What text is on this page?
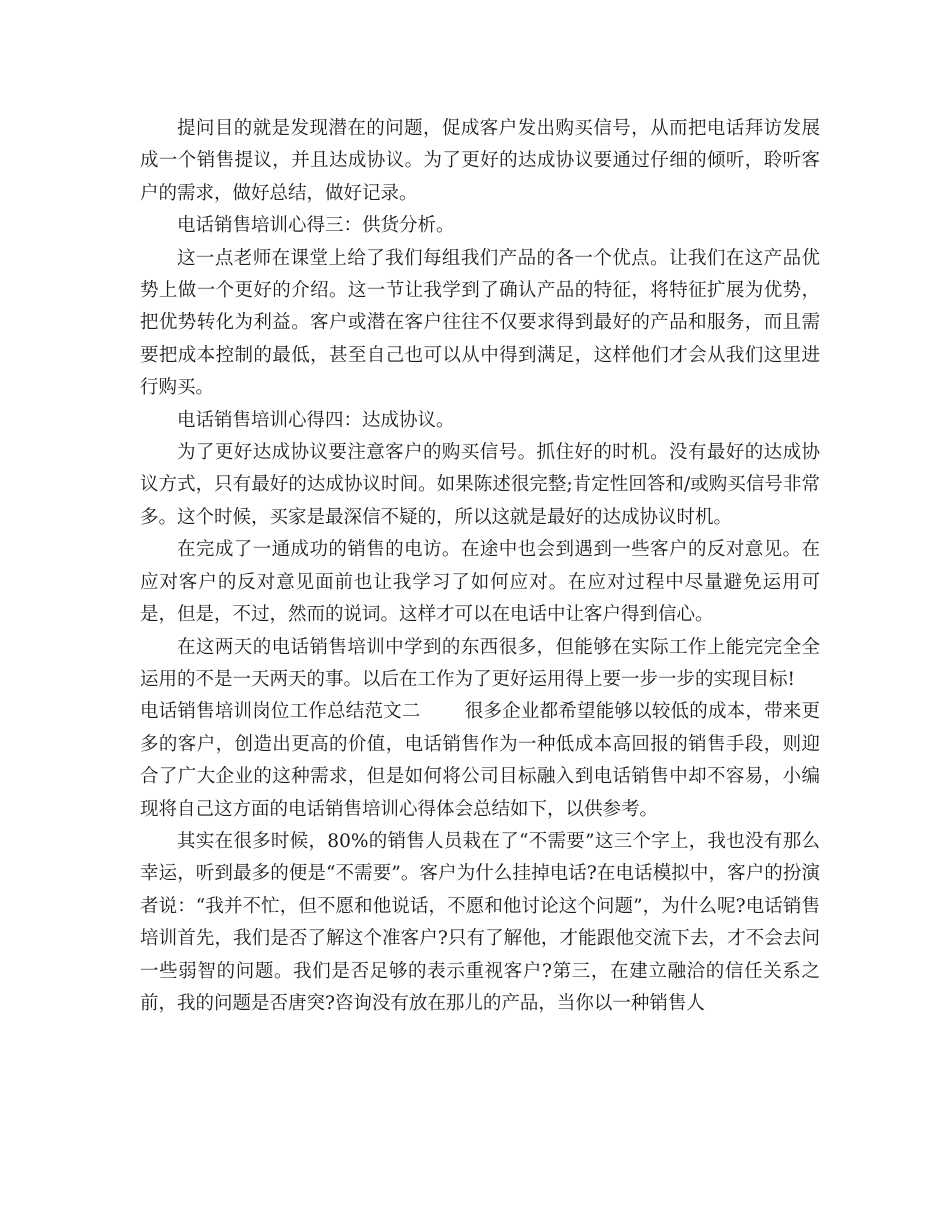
提问目的就是发现潜在的问题，促成客户发出购买信号，从而把电话拜访发展成一个销售提议，并且达成协议。为了更好的达成协议要通过仔细的倾听，聆听客户的需求，做好总结，做好记录。

电话销售培训心得三：供货分析。

这一点老师在课堂上给了我们每组我们产品的各一个优点。让我们在这产品优势上做一个更好的介绍。这一节让我学到了确认产品的特征，将特征扩展为优势，把优势转化为利益。客户或潜在客户往往不仅要求得到最好的产品和服务，而且需要把成本控制的最低，甚至自己也可以从中得到满足，这样他们才会从我们这里进行购买。

电话销售培训心得四：达成协议。

为了更好达成协议要注意客户的购买信号。抓住好的时机。没有最好的达成协议方式，只有最好的达成协议时间。如果陈述很完整;肯定性回答和/或购买信号非常多。这个时候，买家是最深信不疑的，所以这就是最好的达成协议时机。

在完成了一通成功的销售的电访。在途中也会到遇到一些客户的反对意见。在应对客户的反对意见面前也让我学习了如何应对。在应对过程中尽量避免运用可是，但是，不过，然而的说词。这样才可以在电话中让客户得到信心。

在这两天的电话销售培训中学到的东西很多，但能够在实际工作上能完完全全运用的不是一天两天的事。以后在工作为了更好运用得上要一步一步的实现目标!

电话销售培训岗位工作总结范文二 很多企业都希望能够以较低的成本，带来更多的客户，创造出更高的价值，电话销售作为一种低成本高回报的销售手段，则迎合了广大企业的这种需求，但是如何将公司目标融入到电话销售中却不容易，小编现将自己这方面的电话销售培训心得体会总结如下，以供参考。

其实在很多时候，80%的销售人员栽在了“不需要”这三个字上，我也没有那么幸运，听到最多的便是“不需要”。客户为什么挂掉电话?在电话模拟中，客户的扮演者说：“我并不忙，但不愿和他说话，不愿和他讨论这个问题”，为什么呢?电话销售培训首先，我们是否了解这个准客户?只有了解他，才能跟他交流下去，才不会去问一些弱智的问题。我们是否足够的表示重视客户?第三，在建立融洽的信任关系之前，我的问题是否唐突?咨询没有放在那儿的产品，当你以一种销售人
